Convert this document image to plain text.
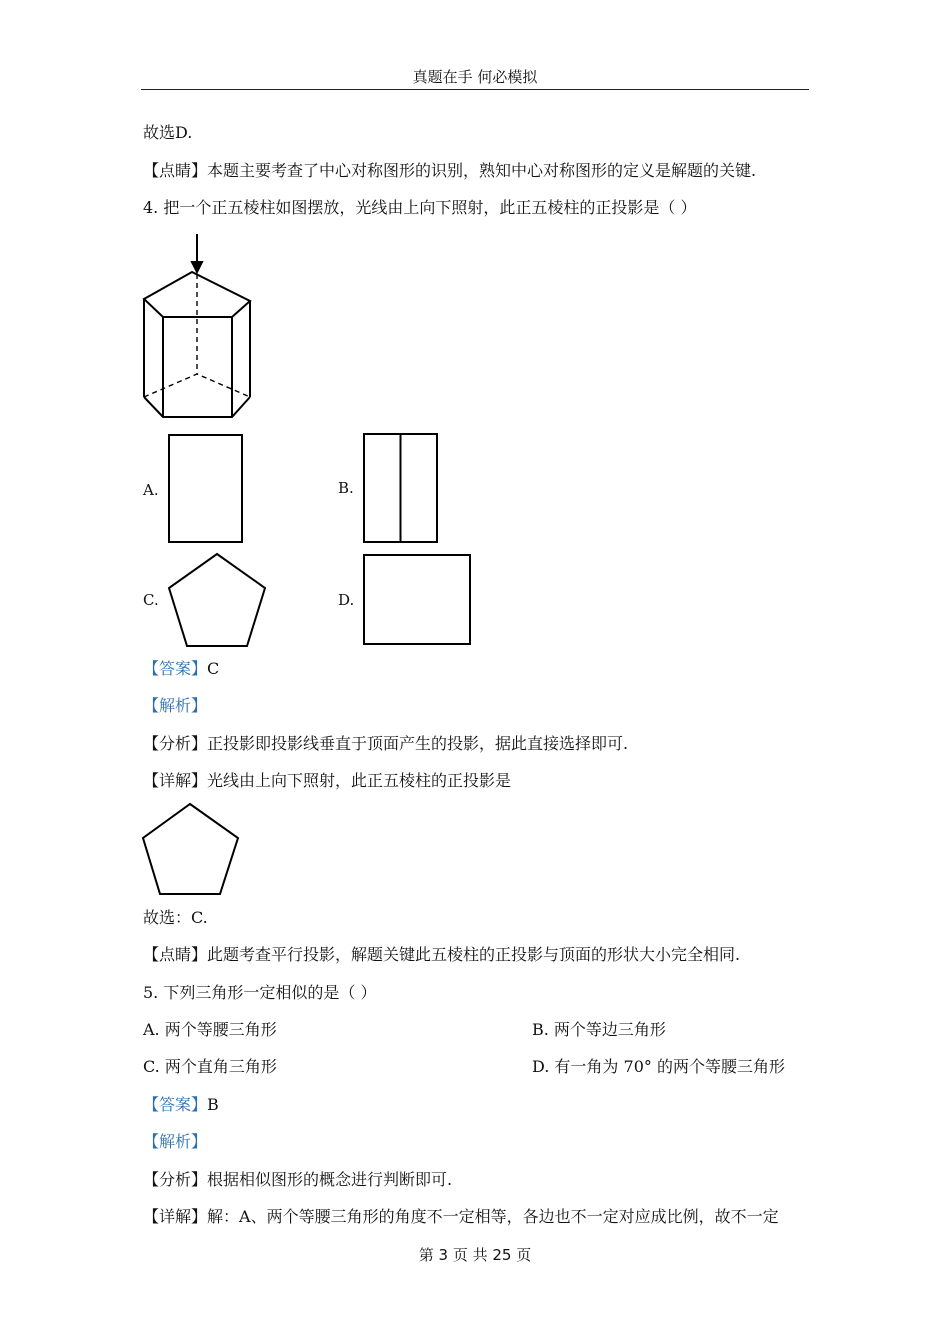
真题在手 何必模拟
故选D.
【点睛】本题主要考查了中心对称图形的识别，熟知中心对称图形的定义是解题的关键.
4. 把一个正五棱柱如图摆放，光线由上向下照射，此正五棱柱的正投影是（ ）
A.	B.
C.	D.
【答案】C
【解析】
【分析】正投影即投影线垂直于顶面产生的投影，据此直接选择即可.
【详解】光线由上向下照射，此正五棱柱的正投影是
故选：C.
【点睛】此题考查平行投影，解题关键此五棱柱的正投影与顶面的形状大小完全相同.
5. 下列三角形一定相似的是（ ）
A. 两个等腰三角形	B. 两个等边三角形
C. 两个直角三角形	D. 有一角为 70° 的两个等腰三角形
【答案】B
【解析】
【分析】根据相似图形的概念进行判断即可.
【详解】解：A、两个等腰三角形的角度不一定相等，各边也不一定对应成比例，故不一定
第 3 页 共 25 页
